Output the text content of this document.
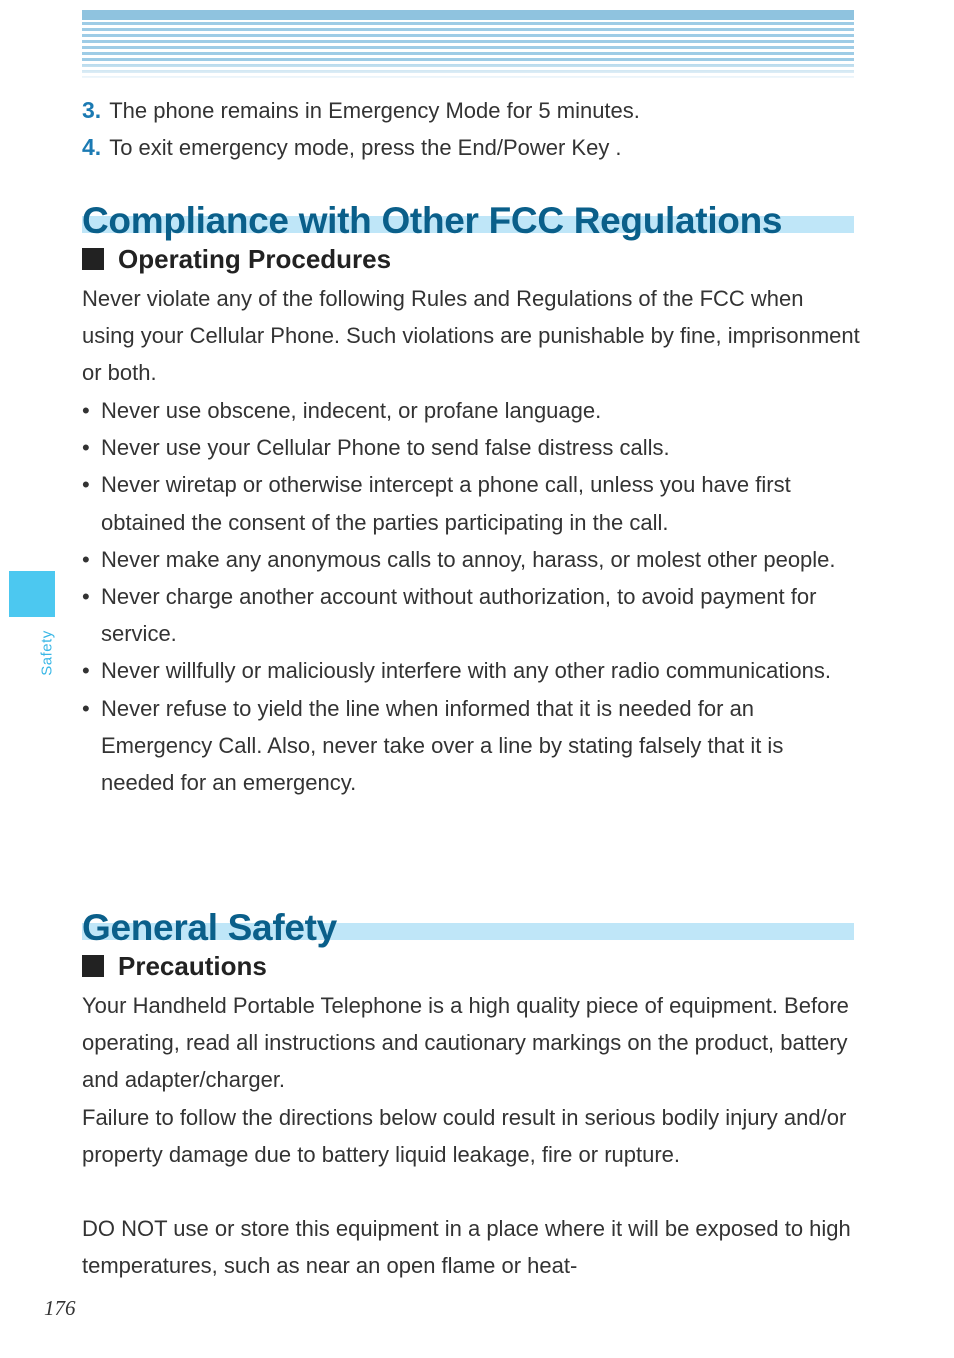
Safety
3. The phone remains in Emergency Mode for 5 minutes.
4. To exit emergency mode, press the End/Power Key .
Compliance with Other FCC Regulations
Operating Procedures

Never violate any of the following Rules and Regulations of the FCC when using your Cellular Phone. Such violations are punishable by fine, imprisonment or both.

• Never use obscene, indecent, or profane language.
• Never use your Cellular Phone to send false distress calls.
• Never wiretap or otherwise intercept a phone call, unless you have first obtained the consent of the parties participating in the call.
• Never make any anonymous calls to annoy, harass, or molest other people.
• Never charge another account without authorization, to avoid payment for service.
• Never willfully or maliciously interfere with any other radio communications.
• Never refuse to yield the line when informed that it is needed for an Emergency Call. Also, never take over a line by stating falsely that it is needed for an emergency.
General Safety
Precautions

Your Handheld Portable Telephone is a high quality piece of equipment. Before operating, read all instructions and cautionary markings on the product, battery and adapter/charger.

Failure to follow the directions below could result in serious bodily injury and/or property damage due to battery liquid leakage, fire or rupture.

DO NOT use or store this equipment in a place where it will be exposed to high temperatures, such as near an open flame or heat-

176
